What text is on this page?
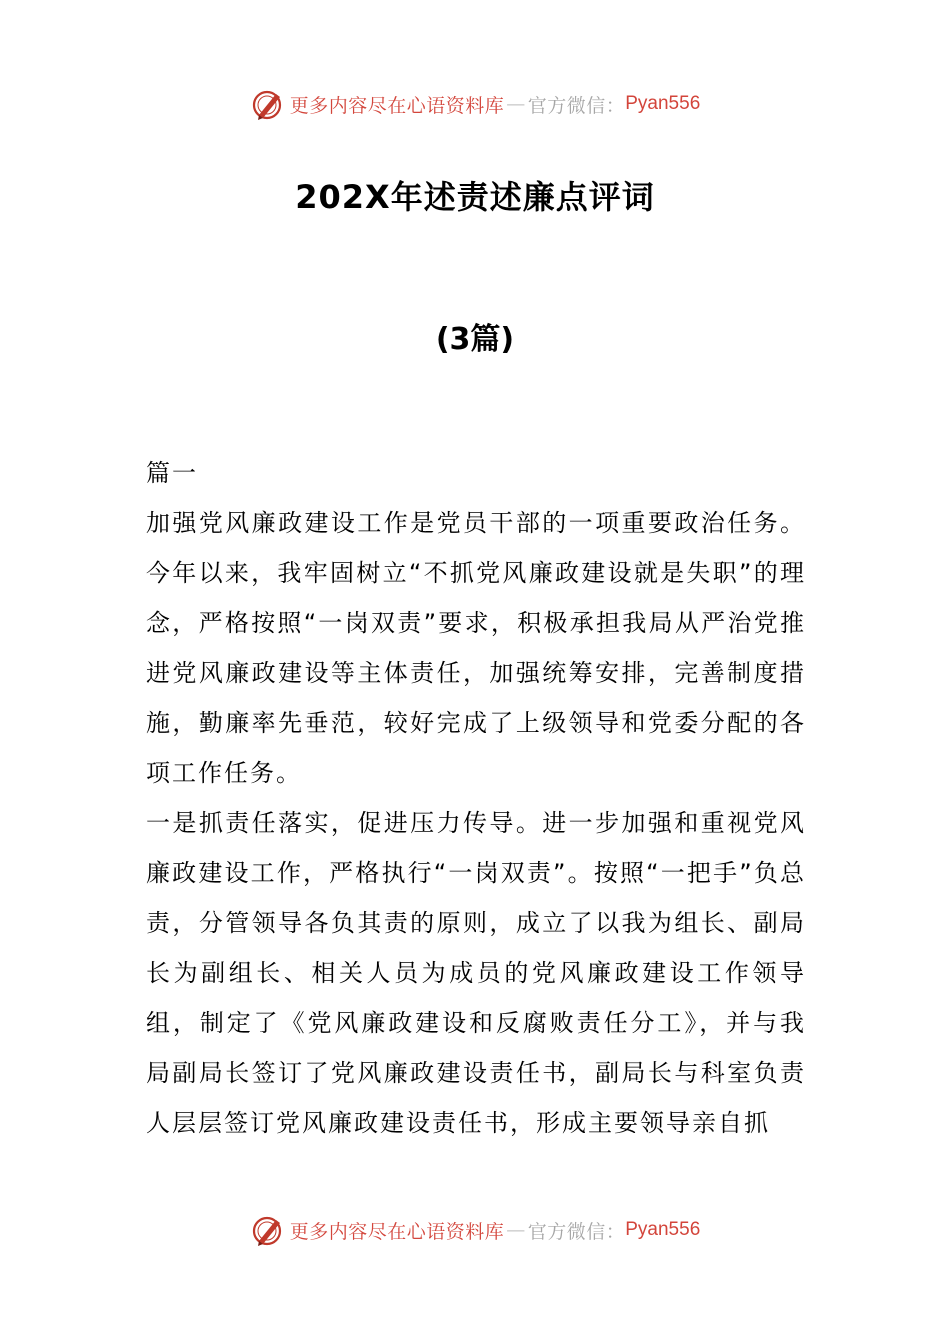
更多内容尽在心语资料库 — 官方微信： Pyan556
202X年述责述廉点评词
(3篇)

篇一

加强党风廉政建设工作是党员干部的一项重要政治任务。今年以来，我牢固树立“不抓党风廉政建设就是失职”的理念，严格按照“一岗双责”要求，积极承担我局从严治党推进党风廉政建设等主体责任，加强统筹安排，完善制度措施，勤廉率先垂范，较好完成了上级领导和党委分配的各项工作任务。

一是抓责任落实，促进压力传导。进一步加强和重视党风廉政建设工作，严格执行“一岗双责”。按照“一把手”负总责，分管领导各负其责的原则，成立了以我为组长、副局长为副组长、相关人员为成员的党风廉政建设工作领导组，制定了《党风廉政建设和反腐败责任分工》，并与我局副局长签订了党风廉政建设责任书，副局长与科室负责人层层签订党风廉政建设责任书，形成主要领导亲自抓

更多内容尽在心语资料库 — 官方微信： Pyan556
